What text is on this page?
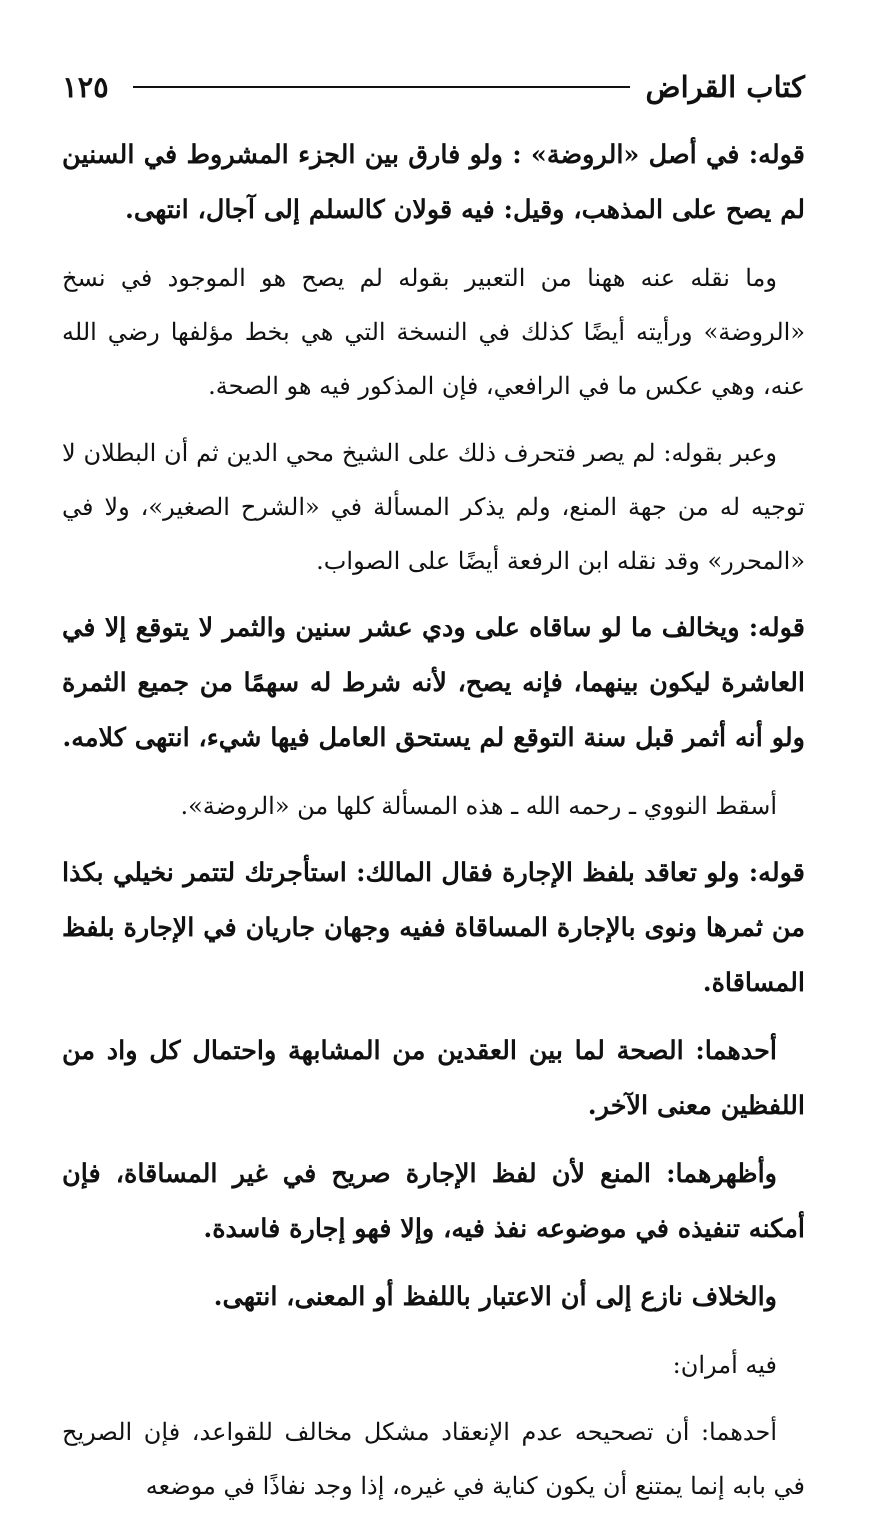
كتاب القراض
١٢٥

قوله: في أصل «الروضة» : ولو فارق بين الجزء المشروط في السنين لم يصح على المذهب، وقيل: فيه قولان كالسلم إلى آجال، انتهى.

وما نقله عنه ههنا من التعبير بقوله لم يصح هو الموجود في نسخ «الروضة» ورأيته أيضًا كذلك في النسخة التي هي بخط مؤلفها رضي الله عنه، وهي عكس ما في الرافعي، فإن المذكور فيه هو الصحة.

وعبر بقوله: لم يصر فتحرف ذلك على الشيخ محي الدين ثم أن البطلان لا توجيه له من جهة المنع، ولم يذكر المسألة في «الشرح الصغير»، ولا في «المحرر» وقد نقله ابن الرفعة أيضًا على الصواب.

قوله: ويخالف ما لو ساقاه على ودي عشر سنين والثمر لا يتوقع إلا في العاشرة ليكون بينهما، فإنه يصح، لأنه شرط له سهمًا من جميع الثمرة ولو أنه أثمر قبل سنة التوقع لم يستحق العامل فيها شيء، انتهى كلامه.

أسقط النووي ـ رحمه الله ـ هذه المسألة كلها من «الروضة».

قوله: ولو تعاقد بلفظ الإجارة فقال المالك: استأجرتك لتتمر نخيلي بكذا من ثمرها ونوى بالإجارة المساقاة ففيه وجهان جاريان في الإجارة بلفظ المساقاة.

أحدهما: الصحة لما بين العقدين من المشابهة واحتمال كل واد من اللفظين معنى الآخر.

وأظهرهما: المنع لأن لفظ الإجارة صريح في غير المساقاة، فإن أمكنه تنفيذه في موضوعه نفذ فيه، وإلا فهو إجارة فاسدة.

والخلاف نازع إلى أن الاعتبار باللفظ أو المعنى، انتهى.

فيه أمران:

أحدهما: أن تصحيحه عدم الإنعقاد مشكل مخالف للقواعد، فإن الصريح في بابه إنما يمتنع أن يكون كناية في غيره، إذا وجد نفاذًا في موضعه
